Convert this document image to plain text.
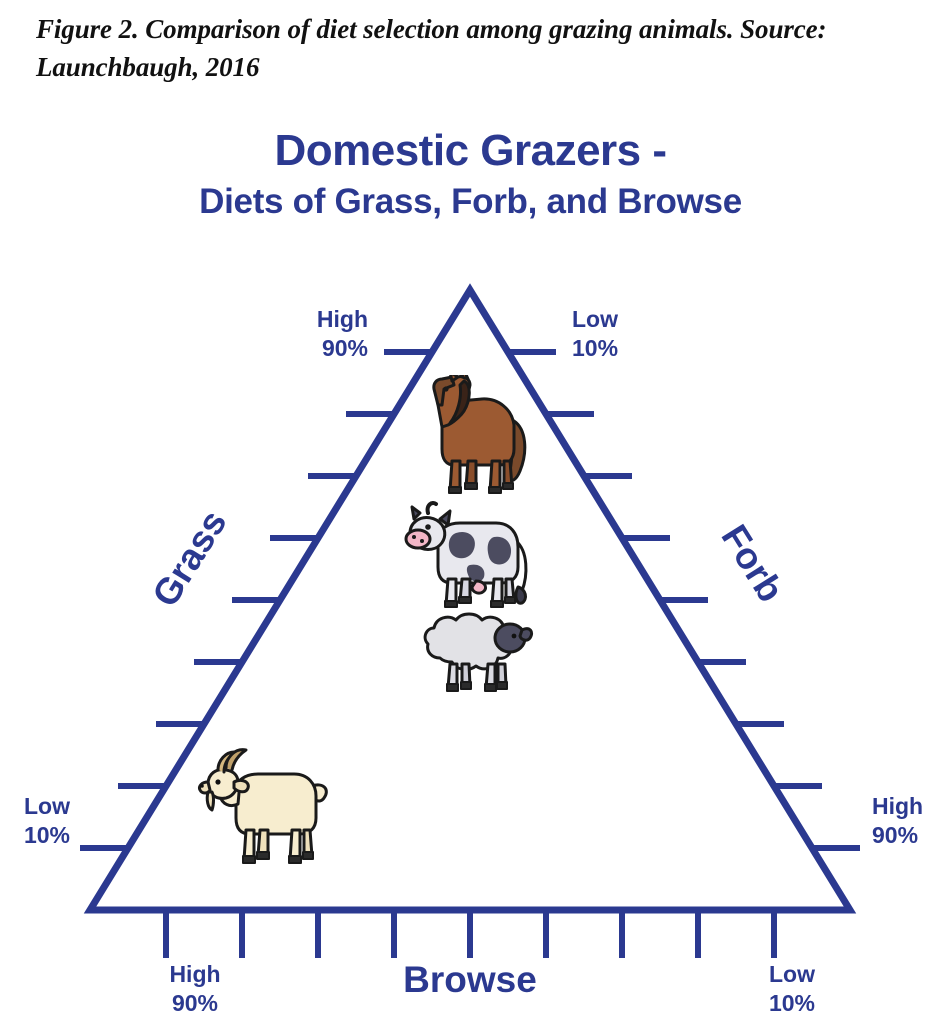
Figure 2. Comparison of diet selection among grazing animals. Source: Launchbaugh, 2016
Domestic Grazers -
Diets of Grass, Forb, and Browse
Grass	Forb
Browse
High
90%
Low
10%
Low
10%
High
90%
High
90%
Low
10%
